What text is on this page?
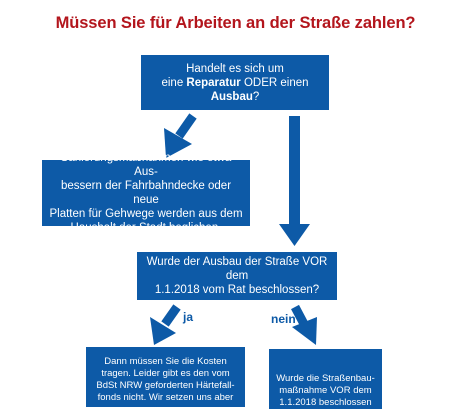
Müssen Sie für Arbeiten an der Straße zahlen?
Handelt es sich um
eine Reparatur ODER einen Ausbau?
Sanierungsmaßnahmen wie etwa Aus-
bessern der Fahrbahndecke oder neue
Platten für Gehwege werden aus dem
Haushalt der Stadt beglichen.
Wurde der Ausbau der Straße VOR dem
1.1.2018 vom Rat beschlossen?
ja	nein
Dann müssen Sie die Kosten
tragen. Leider gibt es den vom
BdSt NRW geforderten Härtefall-
fonds nicht. Wir setzen uns aber
Wurde die Straßenbau-
maßnahme VOR dem
1.1.2018 beschlossen
